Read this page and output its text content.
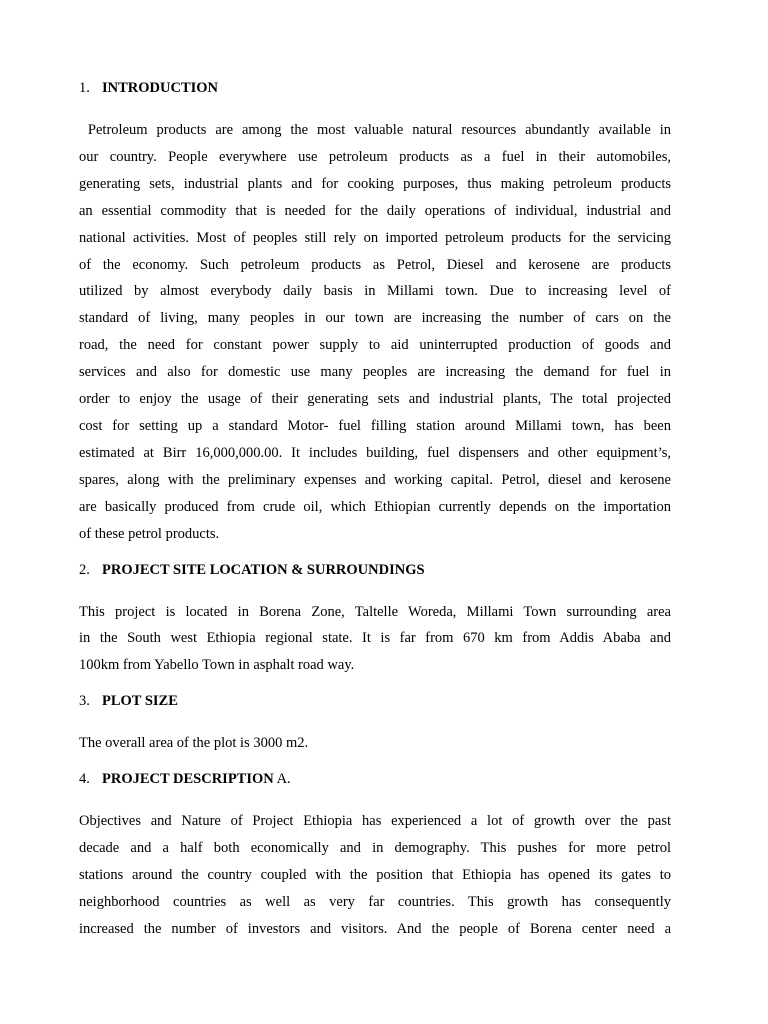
1. INTRODUCTION
Petroleum products are among the most valuable natural resources abundantly available in
our country. People everywhere use petroleum products as a fuel in their automobiles,
generating sets, industrial plants and for cooking purposes, thus making petroleum products
an essential commodity that is needed for the daily operations of individual, industrial and
national activities. Most of peoples still rely on imported petroleum products for the servicing
of the economy. Such petroleum products as Petrol, Diesel and kerosene are products
utilized by almost everybody daily basis in Millami town. Due to increasing level of
standard of living, many peoples in our town are increasing the number of cars on the
road, the need for constant power supply to aid uninterrupted production of goods and
services and also for domestic use many peoples are increasing the demand for fuel in
order to enjoy the usage of their generating sets and industrial plants, The total projected
cost for setting up a standard Motor- fuel filling station around Millami town, has been
estimated at Birr 16,000,000.00. It includes building, fuel dispensers and other equipment’s,
spares, along with the preliminary expenses and working capital. Petrol, diesel and kerosene
are basically produced from crude oil, which Ethiopian currently depends on the importation
of these petrol products.
2. PROJECT SITE LOCATION & SURROUNDINGS
This project is located in Borena Zone, Taltelle Woreda, Millami Town surrounding area
in the South west Ethiopia regional state. It is far from 670 km from Addis Ababa and
100km from Yabello Town in asphalt road way.
3. PLOT SIZE
The overall area of the plot is 3000 m2.
4. PROJECT DESCRIPTION A.
Objectives and Nature of Project Ethiopia has experienced a lot of growth over the past
decade and a half both economically and in demography. This pushes for more petrol
stations around the country coupled with the position that Ethiopia has opened its gates to
neighborhood countries as well as very far countries. This growth has consequently
increased the number of investors and visitors. And the people of Borena center need a
